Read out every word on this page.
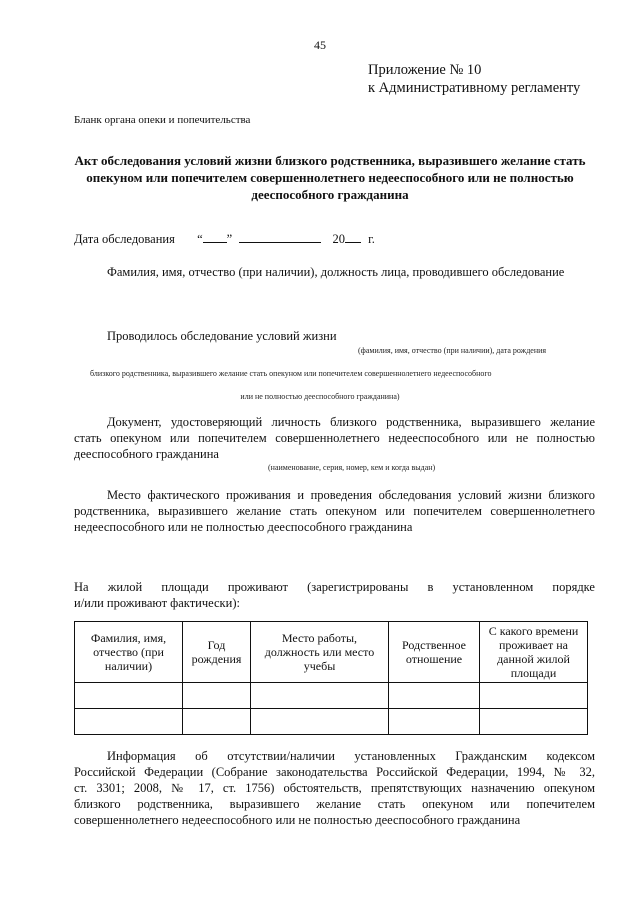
45
Приложение № 10
к Административному регламенту
Бланк органа опеки и попечительства
Акт обследования условий жизни близкого родственника, выразившего желание стать опекуном или попечителем совершеннолетнего недееспособного или не полностью дееспособного гражданина
Дата обследования “ ”	20 г.
Фамилия, имя, отчество (при наличии), должность лица, проводившего обследование
Проводилось обследование условий жизни
(фамилия, имя, отчество (при наличии), дата рождения
близкого родственника, выразившего желание стать опекуном или попечителем совершеннолетнего недееспособного
или не полностью дееспособного гражданина)
Документ, удостоверяющий личность близкого родственника, выразившего желание
стать опекуном или попечителем совершеннолетнего недееспособного или не полностью
дееспособного гражданина
(наименование, серия, номер, кем и когда выдан)
Место фактического проживания и проведения обследования условий жизни близкого
родственника, выразившего желание стать опекуном или попечителем совершеннолетнего
недееспособного или не полностью дееспособного гражданина
На жилой площади проживают (зарегистрированы в установленном порядке
и/или проживают фактически):
Фамилия, имя, отчество (при наличии)	Год рождения	Место работы, должность или место учебы	Родственное отношение	С какого времени проживает на данной жилой площади

Информация об отсутствии/наличии установленных Гражданским кодексом
Российской Федерации (Собрание законодательства Российской Федерации, 1994, № 32,
ст. 3301; 2008, № 17, ст. 1756) обстоятельств, препятствующих назначению опекуном
близкого родственника, выразившего желание стать опекуном или попечителем
совершеннолетнего недееспособного или не полностью дееспособного гражданина
